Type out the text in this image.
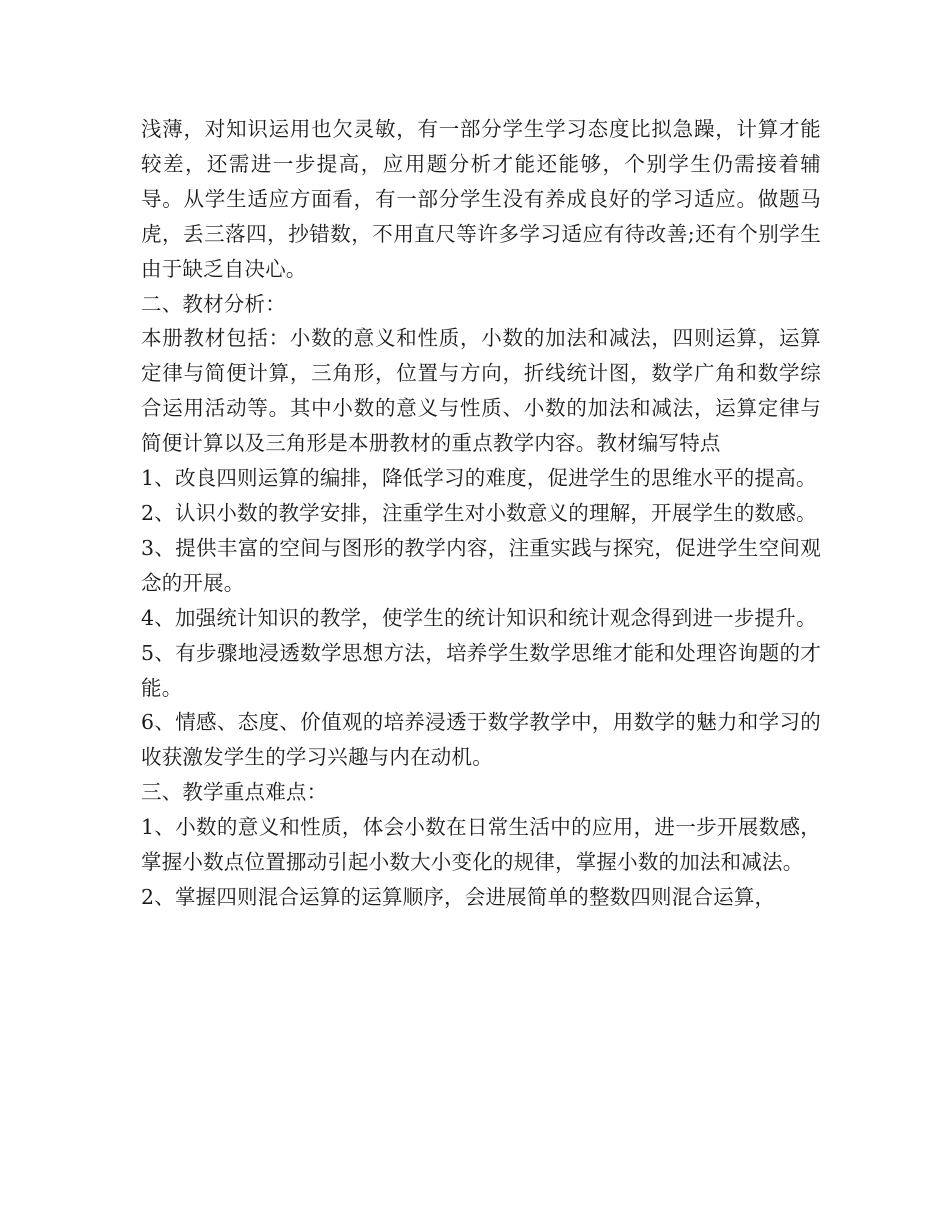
浅薄，对知识运用也欠灵敏，有一部分学生学习态度比拟急躁，计算才能较差，还需进一步提高，应用题分析才能还能够，个别学生仍需接着辅导。从学生适应方面看，有一部分学生没有养成良好的学习适应。做题马虎，丢三落四，抄错数，不用直尺等许多学习适应有待改善;还有个别学生由于缺乏自决心。

二、教材分析：

本册教材包括：小数的意义和性质，小数的加法和减法，四则运算，运算定律与简便计算，三角形，位置与方向，折线统计图，数学广角和数学综合运用活动等。其中小数的意义与性质、小数的加法和减法，运算定律与简便计算以及三角形是本册教材的重点教学内容。教材编写特点

1、改良四则运算的编排，降低学习的难度，促进学生的思维水平的提高。

2、认识小数的教学安排，注重学生对小数意义的理解，开展学生的数感。

3、提供丰富的空间与图形的教学内容，注重实践与探究，促进学生空间观念的开展。

4、加强统计知识的教学，使学生的统计知识和统计观念得到进一步提升。

5、有步骤地浸透数学思想方法，培养学生数学思维才能和处理咨询题的才能。

6、情感、态度、价值观的培养浸透于数学教学中，用数学的魅力和学习的收获激发学生的学习兴趣与内在动机。

三、教学重点难点：

1、小数的意义和性质，体会小数在日常生活中的应用，进一步开展数感，掌握小数点位置挪动引起小数大小变化的规律，掌握小数的加法和减法。

2、掌握四则混合运算的运算顺序，会进展简单的整数四则混合运算，
